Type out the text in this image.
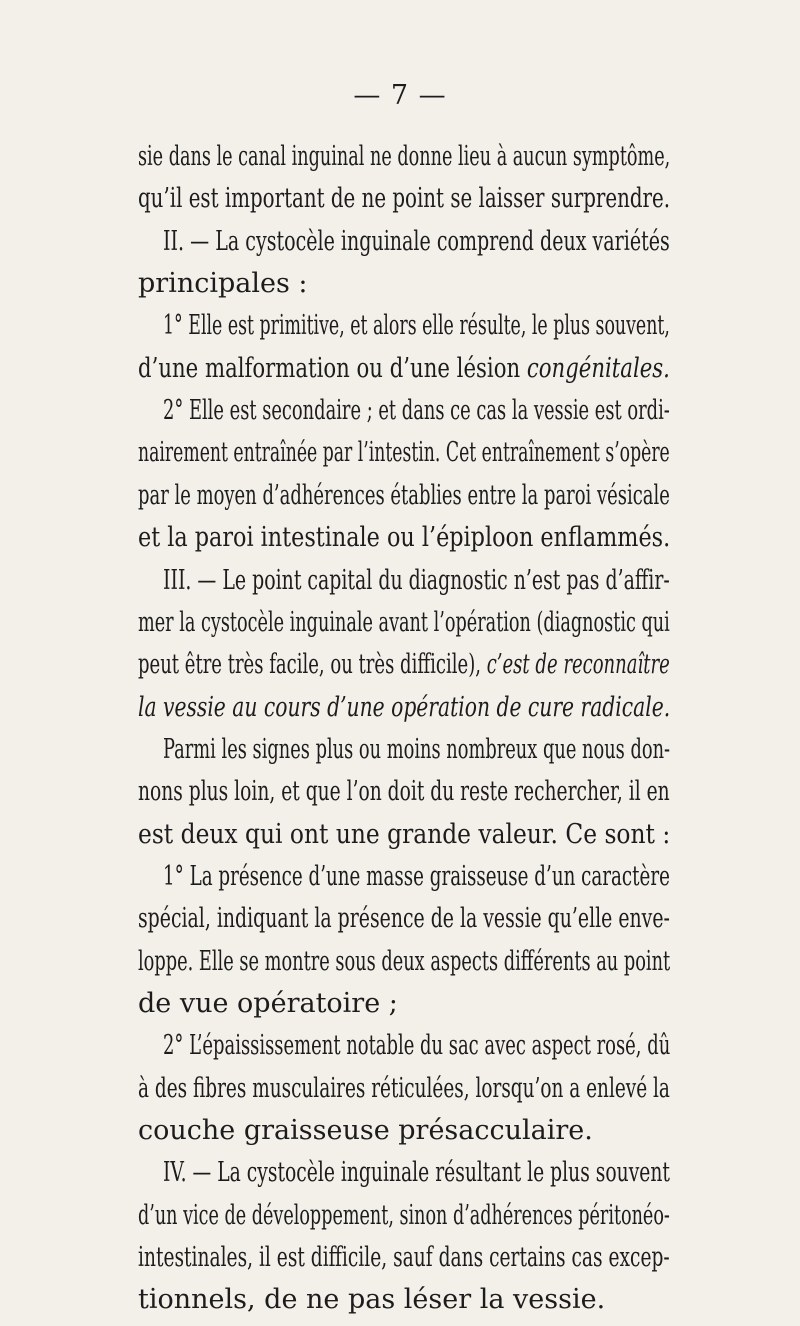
— 7 —
sie dans le canal inguinal ne donne lieu à aucun symptôme,
qu’il est important de ne point se laisser surprendre.
II. — La cystocèle inguinale comprend deux variétés
principales :
1° Elle est primitive, et alors elle résulte, le plus souvent,
d’une malformation ou d’une lésion congénitales.
2° Elle est secondaire ; et dans ce cas la vessie est ordi-
nairement entraînée par l’intestin. Cet entraînement s’opère
par le moyen d’adhérences établies entre la paroi vésicale
et la paroi intestinale ou l’épiploon enflammés.
III. — Le point capital du diagnostic n’est pas d’affir-
mer la cystocèle inguinale avant l’opération (diagnostic qui
peut être très facile, ou très difficile), c’est de reconnaître
la vessie au cours d’une opération de cure radicale.
Parmi les signes plus ou moins nombreux que nous don-
nons plus loin, et que l’on doit du reste rechercher, il en
est deux qui ont une grande valeur. Ce sont :
1° La présence d’une masse graisseuse d’un caractère
spécial, indiquant la présence de la vessie qu’elle enve-
loppe. Elle se montre sous deux aspects différents au point
de vue opératoire ;
2° L’épaississement notable du sac avec aspect rosé, dû
à des fibres musculaires réticulées, lorsqu’on a enlevé la
couche graisseuse présacculaire.
IV. — La cystocèle inguinale résultant le plus souvent
d’un vice de développement, sinon d’adhérences péritonéo-
intestinales, il est difficile, sauf dans certains cas excep-
tionnels, de ne pas léser la vessie.
